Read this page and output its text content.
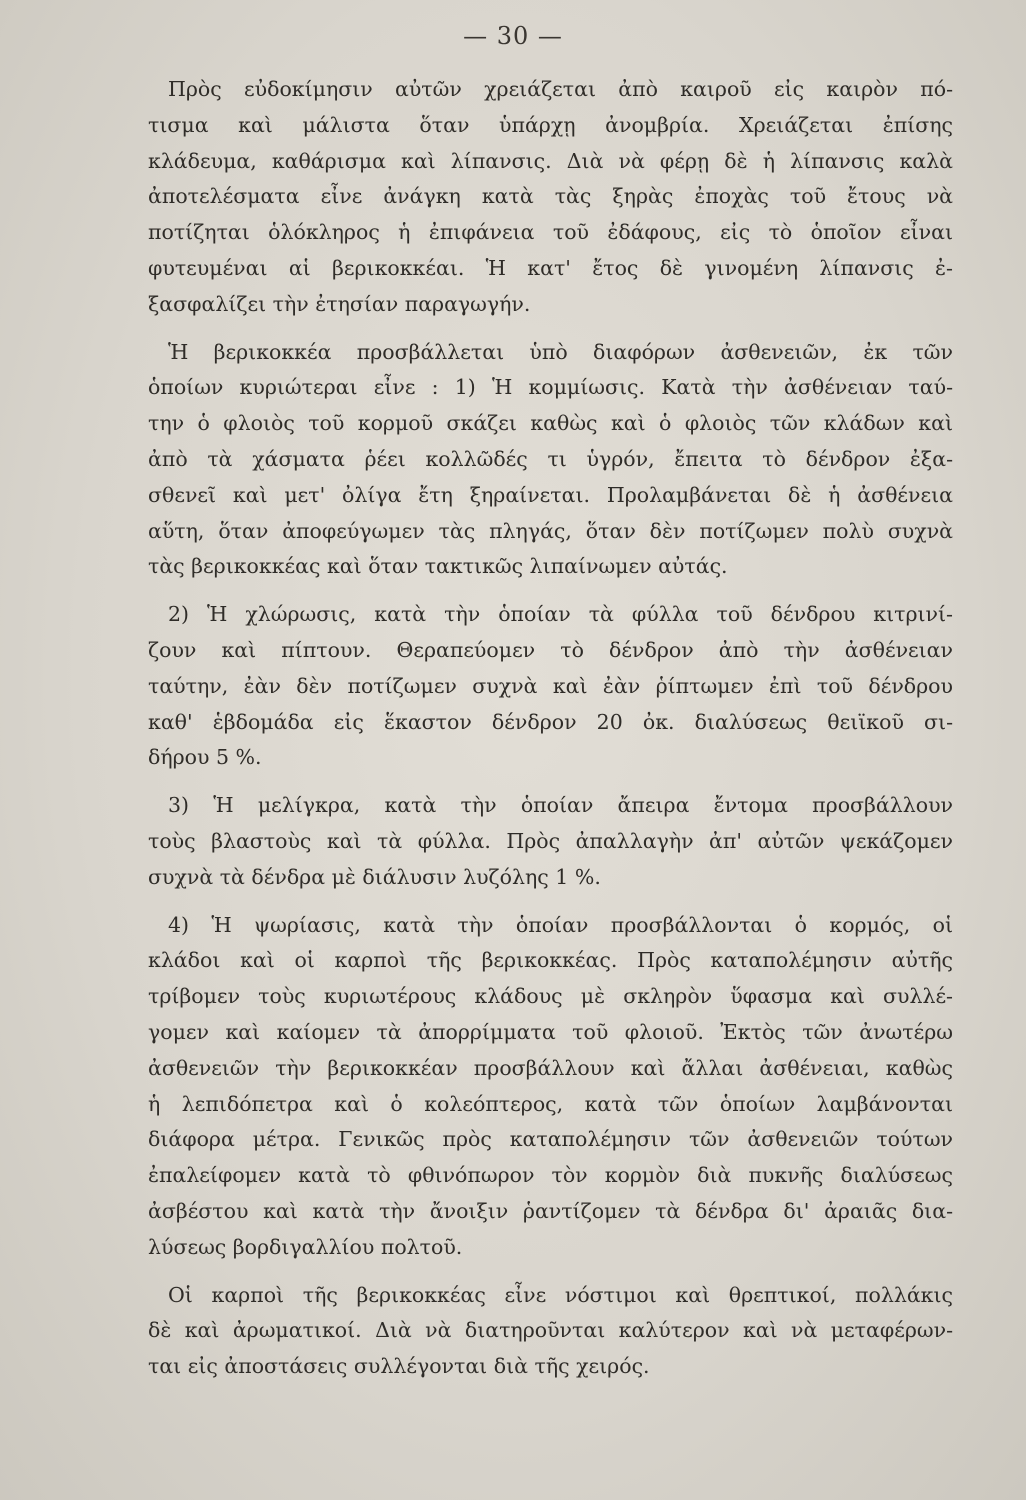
— 30 —

Πρὸς εὐδοκίμησιν αὐτῶν χρειάζεται ἀπὸ καιροῦ εἰς καιρὸν πό-
τισμα καὶ μάλιστα ὅταν ὑπάρχῃ ἀνομβρία. Χρειάζεται ἐπίσης
κλάδευμα, καθάρισμα καὶ λίπανσις. Διὰ νὰ φέρῃ δὲ ἡ λίπανσις καλὰ
ἀποτελέσματα εἶνε ἀνάγκη κατὰ τὰς ξηρὰς ἐποχὰς τοῦ ἔτους νὰ
ποτίζηται ὁλόκληρος ἡ ἐπιφάνεια τοῦ ἐδάφους, εἰς τὸ ὁποῖον εἶναι
φυτευμέναι αἱ βερικοκκέαι. Ἡ κατ' ἔτος δὲ γινομένη λίπανσις ἐ-
ξασφαλίζει τὴν ἐτησίαν παραγωγήν.

Ἡ βερικοκκέα προσβάλλεται ὑπὸ διαφόρων ἀσθενειῶν, ἐκ τῶν
ὁποίων κυριώτεραι εἶνε : 1) Ἡ κομμίωσις. Κατὰ τὴν ἀσθένειαν ταύ-
την ὁ φλοιὸς τοῦ κορμοῦ σκάζει καθὼς καὶ ὁ φλοιὸς τῶν κλάδων καὶ
ἀπὸ τὰ χάσματα ῥέει κολλῶδές τι ὑγρόν, ἔπειτα τὸ δένδρον ἐξα-
σθενεῖ καὶ μετ' ὀλίγα ἔτη ξηραίνεται. Προλαμβάνεται δὲ ἡ ἀσθένεια
αὕτη, ὅταν ἀποφεύγωμεν τὰς πληγάς, ὅταν δὲν ποτίζωμεν πολὺ συχνὰ
τὰς βερικοκκέας καὶ ὅταν τακτικῶς λιπαίνωμεν αὐτάς.

2) Ἡ χλώρωσις, κατὰ τὴν ὁποίαν τὰ φύλλα τοῦ δένδρου κιτρινί-
ζουν καὶ πίπτουν. Θεραπεύομεν τὸ δένδρον ἀπὸ τὴν ἀσθένειαν
ταύτην, ἐὰν δὲν ποτίζωμεν συχνὰ καὶ ἐὰν ῥίπτωμεν ἐπὶ τοῦ δένδρου
καθ' ἑβδομάδα εἰς ἕκαστον δένδρον 20 ὀκ. διαλύσεως θειϊκοῦ σι-
δήρου 5 %.

3) Ἡ μελίγκρα, κατὰ τὴν ὁποίαν ἄπειρα ἔντομα προσβάλλουν
τοὺς βλαστοὺς καὶ τὰ φύλλα. Πρὸς ἀπαλλαγὴν ἀπ' αὐτῶν ψεκάζομεν
συχνὰ τὰ δένδρα μὲ διάλυσιν λυζόλης 1 %.

4) Ἡ ψωρίασις, κατὰ τὴν ὁποίαν προσβάλλονται ὁ κορμός, οἱ
κλάδοι καὶ οἱ καρποὶ τῆς βερικοκκέας. Πρὸς καταπολέμησιν αὐτῆς
τρίβομεν τοὺς κυριωτέρους κλάδους μὲ σκληρὸν ὕφασμα καὶ συλλέ-
γομεν καὶ καίομεν τὰ ἀπορρίμματα τοῦ φλοιοῦ. Ἐκτὸς τῶν ἀνωτέρω
ἀσθενειῶν τὴν βερικοκκέαν προσβάλλουν καὶ ἄλλαι ἀσθένειαι, καθὼς
ἡ λεπιδόπετρα καὶ ὁ κολεόπτερος, κατὰ τῶν ὁποίων λαμβάνονται
διάφορα μέτρα. Γενικῶς πρὸς καταπολέμησιν τῶν ἀσθενειῶν τούτων
ἐπαλείφομεν κατὰ τὸ φθινόπωρον τὸν κορμὸν διὰ πυκνῆς διαλύσεως
ἀσβέστου καὶ κατὰ τὴν ἄνοιξιν ῥαντίζομεν τὰ δένδρα δι' ἀραιᾶς δια-
λύσεως βορδιγαλλίου πολτοῦ.

Οἱ καρποὶ τῆς βερικοκκέας εἶνε νόστιμοι καὶ θρεπτικοί, πολλάκις
δὲ καὶ ἀρωματικοί. Διὰ νὰ διατηροῦνται καλύτερον καὶ νὰ μεταφέρων-
ται εἰς ἀποστάσεις συλλέγονται διὰ τῆς χειρός.
